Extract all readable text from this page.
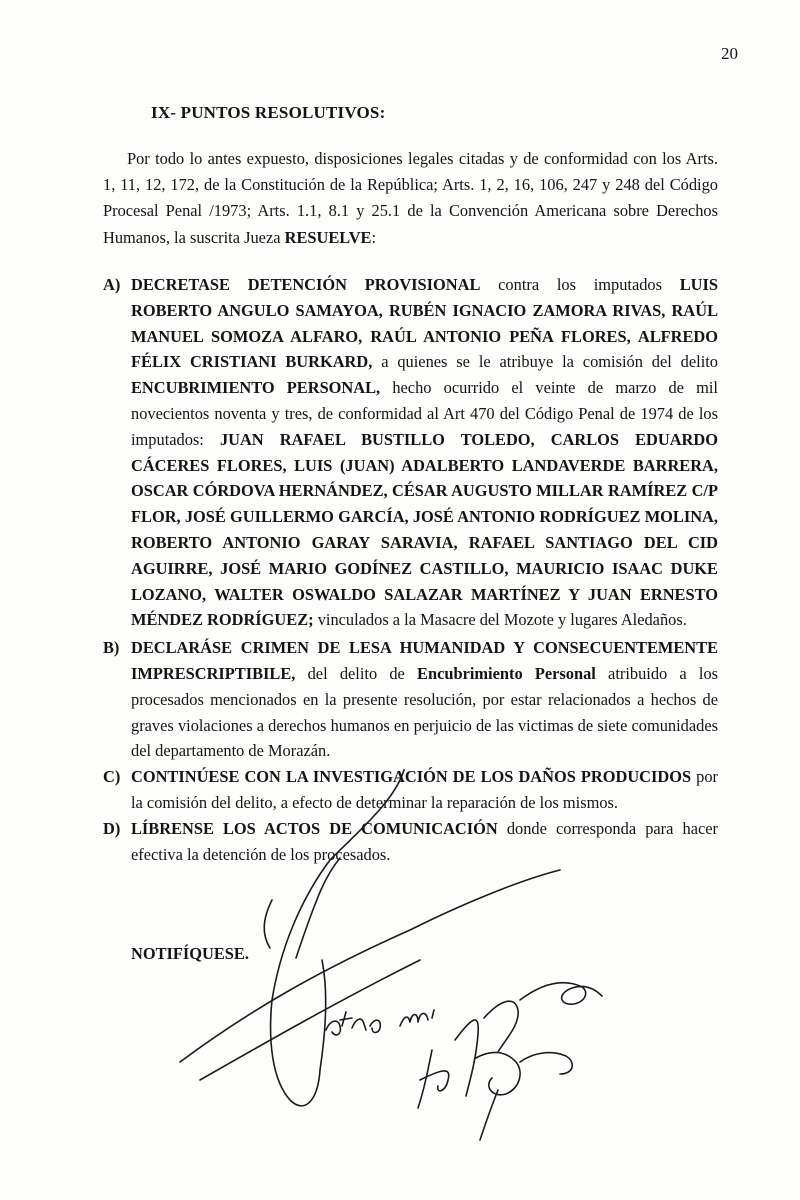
20
IX- PUNTOS RESOLUTIVOS:

Por todo lo antes expuesto, disposiciones legales citadas y de conformidad con los Arts. 1, 11, 12, 172, de la Constitución de la República; Arts. 1, 2, 16, 106, 247 y 248 del Código Procesal Penal /1973; Arts. 1.1, 8.1 y 25.1 de la Convención Americana sobre Derechos Humanos, la suscrita Jueza RESUELVE:

A) DECRETASE DETENCIÓN PROVISIONAL contra los imputados LUIS ROBERTO ANGULO SAMAYOA, RUBÉN IGNACIO ZAMORA RIVAS, RAÚL MANUEL SOMOZA ALFARO, RAÚL ANTONIO PEÑA FLORES, ALFREDO FÉLIX CRISTIANI BURKARD, a quienes se le atribuye la comisión del delito ENCUBRIMIENTO PERSONAL, hecho ocurrido el veinte de marzo de mil novecientos noventa y tres, de conformidad al Art 470 del Código Penal de 1974 de los imputados: JUAN RAFAEL BUSTILLO TOLEDO, CARLOS EDUARDO CÁCERES FLORES, LUIS (JUAN) ADALBERTO LANDAVERDE BARRERA, OSCAR CÓRDOVA HERNÁNDEZ, CÉSAR AUGUSTO MILLAR RAMÍREZ C/P FLOR, JOSÉ GUILLERMO GARCÍA, JOSÉ ANTONIO RODRÍGUEZ MOLINA, ROBERTO ANTONIO GARAY SARAVIA, RAFAEL SANTIAGO DEL CID AGUIRRE, JOSÉ MARIO GODÍNEZ CASTILLO, MAURICIO ISAAC DUKE LOZANO, WALTER OSWALDO SALAZAR MARTÍNEZ Y JUAN ERNESTO MÉNDEZ RODRÍGUEZ; vinculados a la Masacre del Mozote y lugares Aledaños.
B) DECLARÁSE CRIMEN DE LESA HUMANIDAD Y CONSECUENTEMENTE IMPRESCRIPTIBILE, del delito de Encubrimiento Personal atribuido a los procesados mencionados en la presente resolución, por estar relacionados a hechos de graves violaciones a derechos humanos en perjuicio de las victimas de siete comunidades del departamento de Morazán.
C) CONTINÚESE CON LA INVESTIGACIÓN DE LOS DAÑOS PRODUCIDOS por la comisión del delito, a efecto de determinar la reparación de los mismos.
D) LÍBRENSE LOS ACTOS DE COMUNICACIÓN donde corresponda para hacer efectiva la detención de los procesados.
NOTIFÍQUESE.
